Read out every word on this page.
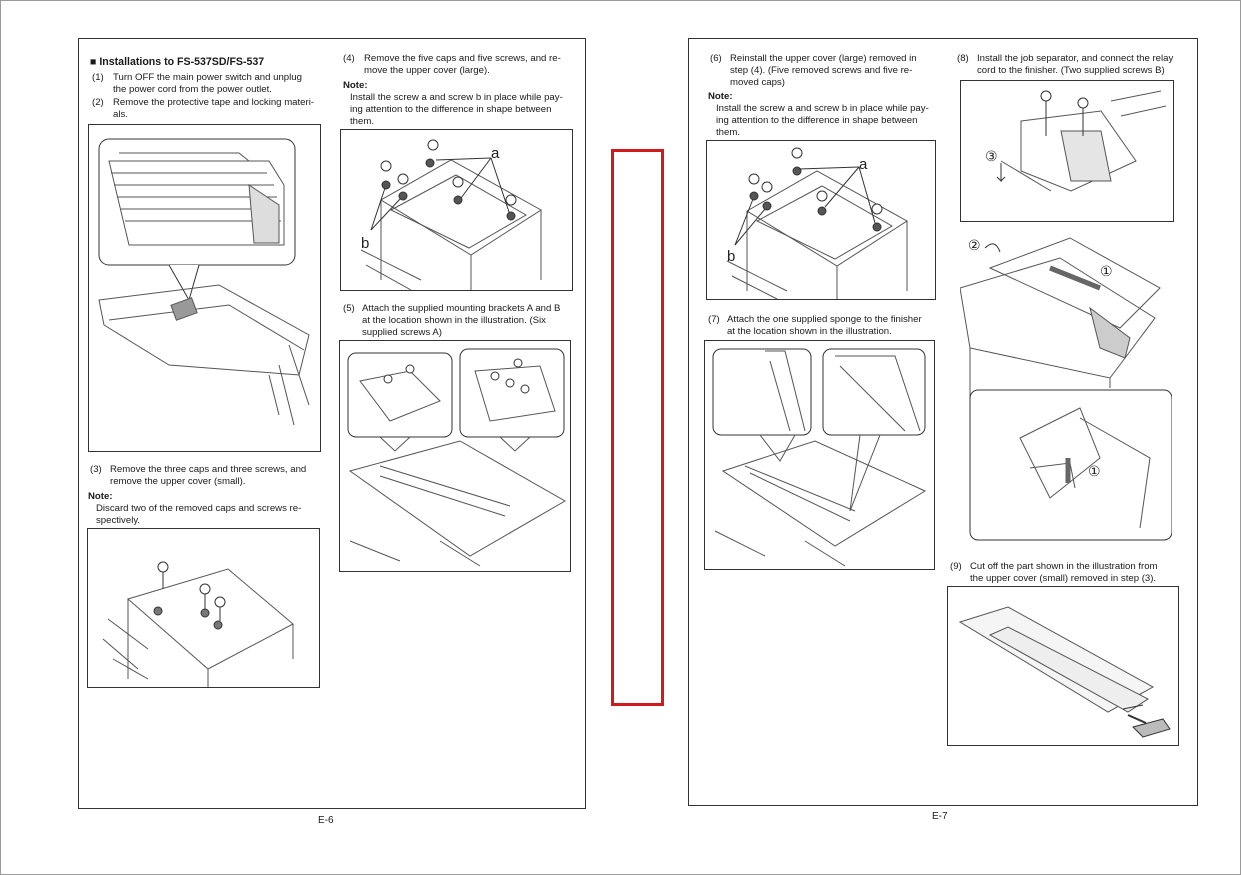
■ Installations to FS-537SD/FS-537
(1) Turn OFF the main power switch and unplug
the power cord from the power outlet.
(2) Remove the protective tape and locking materi-
als.
(3) Remove the three caps and three screws, and
remove the upper cover (small).
Note:
Discard two of the removed caps and screws re-
spectively.
(4) Remove the five caps and five screws, and re-
move the upper cover (large).
Note:
Install the screw a and screw b in place while pay-
ing attention to the difference in shape between
them.
a
b
(5) Attach the supplied mounting brackets A and B
at the location shown in the illustration. (Six
supplied screws A)
E-6
(6) Reinstall the upper cover (large) removed in
step (4). (Five removed screws and five re-
moved caps)
Note:
Install the screw a and screw b in place while pay-
ing attention to the difference in shape between
them.
a
b
(7) Attach the one supplied sponge to the finisher
at the location shown in the illustration.
(8) Install the job separator, and connect the relay
cord to the finisher. (Two supplied screws B)
③
①
②
①
(9) Cut off the part shown in the illustration from
the upper cover (small) removed in step (3).
E-7
